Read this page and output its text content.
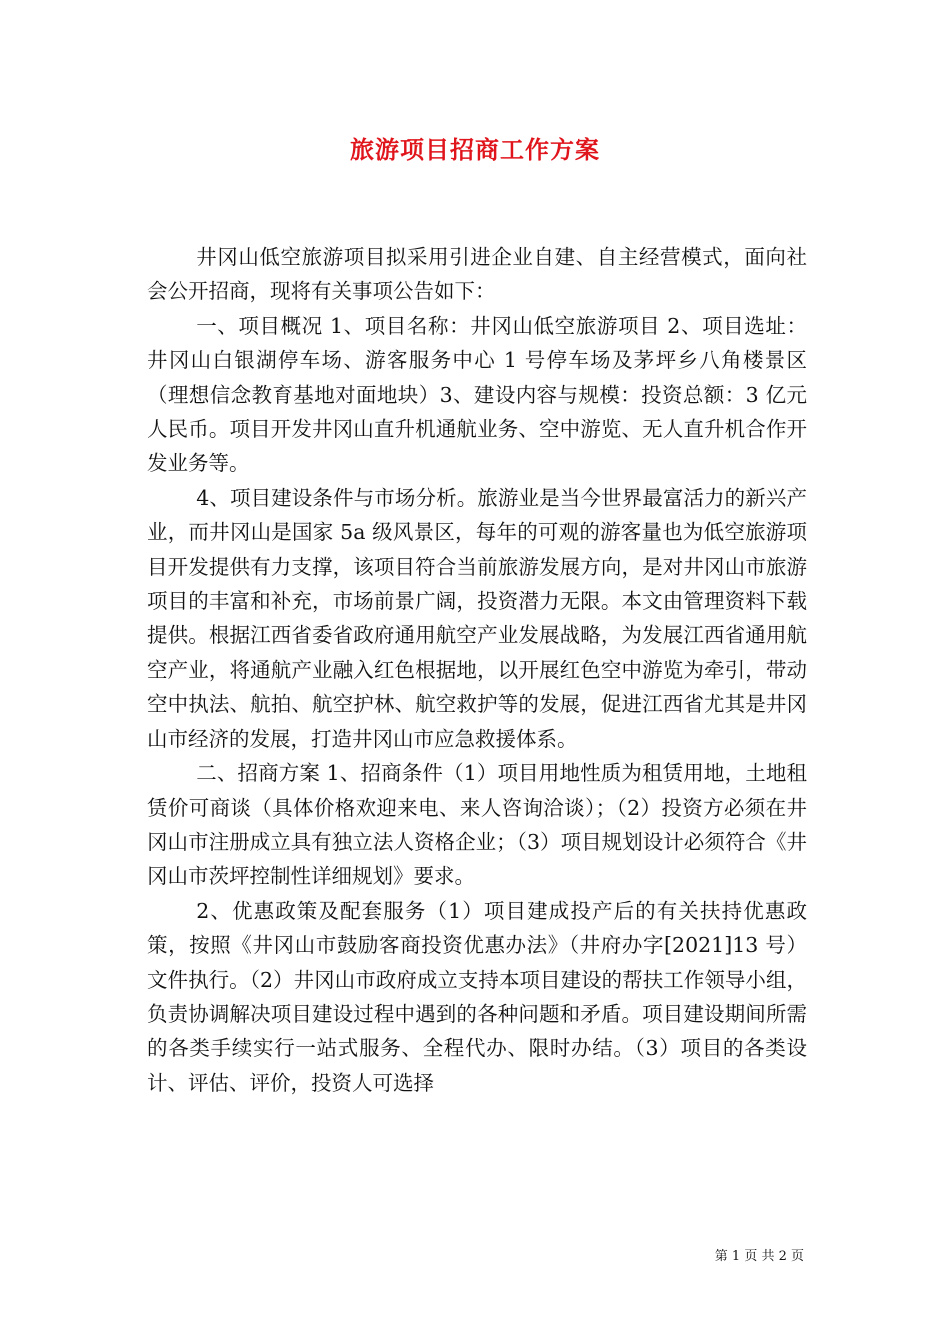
旅游项目招商工作方案

井冈山低空旅游项目拟采用引进企业自建、自主经营模式，面向社会公开招商，现将有关事项公告如下：

一、项目概况 1、项目名称：井冈山低空旅游项目 2、项目选址：井冈山白银湖停车场、游客服务中心 1 号停车场及茅坪乡八角楼景区（理想信念教育基地对面地块）3、建设内容与规模：投资总额：3 亿元人民币。项目开发井冈山直升机通航业务、空中游览、无人直升机合作开发业务等。

4、项目建设条件与市场分析。旅游业是当今世界最富活力的新兴产业，而井冈山是国家 5a 级风景区，每年的可观的游客量也为低空旅游项目开发提供有力支撑，该项目符合当前旅游发展方向，是对井冈山市旅游项目的丰富和补充，市场前景广阔，投资潜力无限。本文由管理资料下载提供。根据江西省委省政府通用航空产业发展战略，为发展江西省通用航空产业，将通航产业融入红色根据地，以开展红色空中游览为牵引，带动空中执法、航拍、航空护林、航空救护等的发展，促进江西省尤其是井冈山市经济的发展，打造井冈山市应急救援体系。

二、招商方案 1、招商条件（1）项目用地性质为租赁用地，土地租赁价可商谈（具体价格欢迎来电、来人咨询洽谈）；（2）投资方必须在井冈山市注册成立具有独立法人资格企业；（3）项目规划设计必须符合《井冈山市茨坪控制性详细规划》要求。

2、优惠政策及配套服务（1）项目建成投产后的有关扶持优惠政策，按照《井冈山市鼓励客商投资优惠办法》（井府办字[2021]13 号）文件执行。（2）井冈山市政府成立支持本项目建设的帮扶工作领导小组，负责协调解决项目建设过程中遇到的各种问题和矛盾。项目建设期间所需的各类手续实行一站式服务、全程代办、限时办结。（3）项目的各类设计、评估、评价，投资人可选择

第 1 页 共 2 页
